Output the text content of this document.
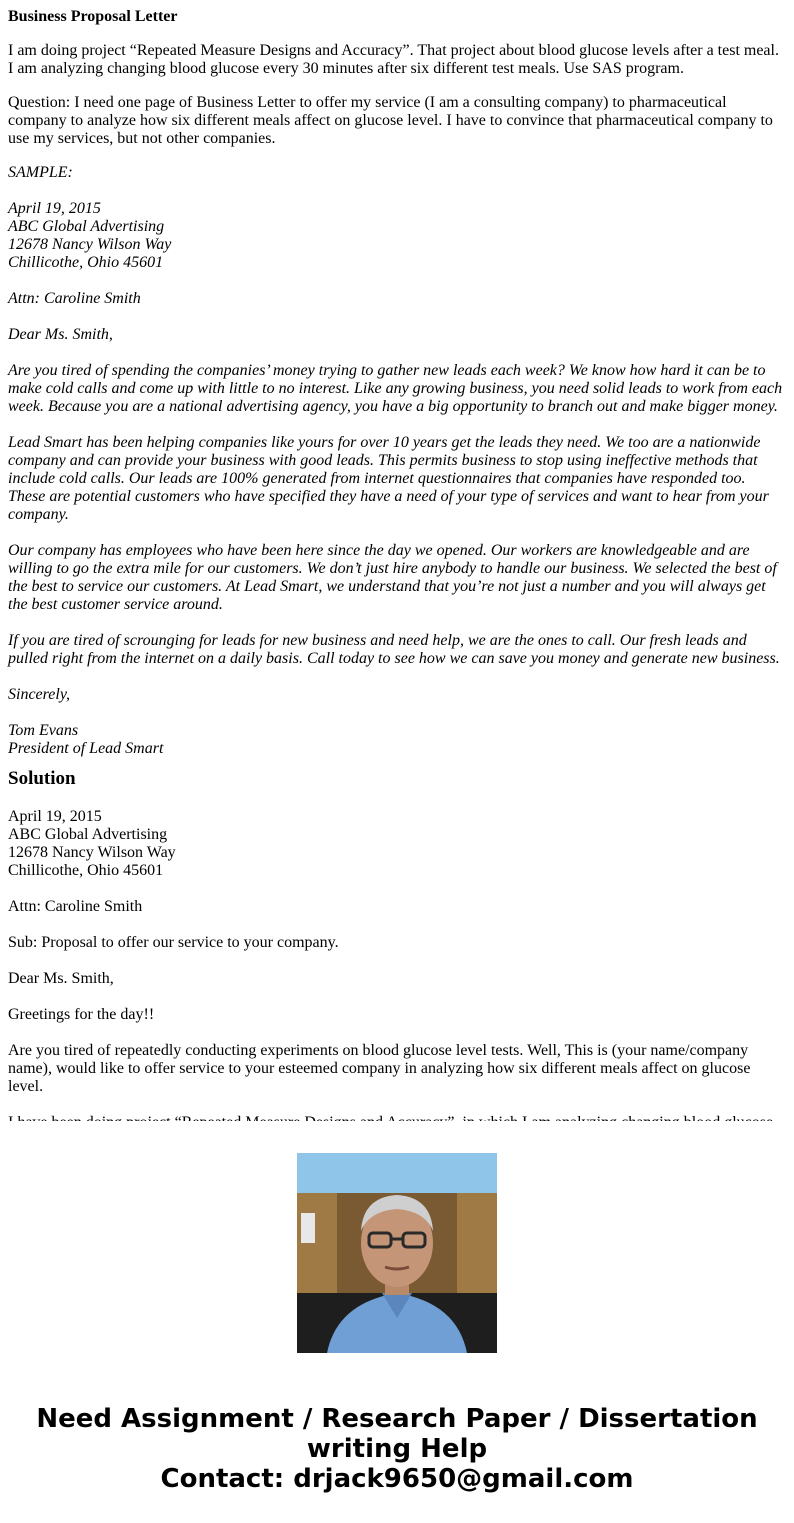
Business Proposal Letter

I am doing project “Repeated Measure Designs and Accuracy”. That project about blood glucose levels after a test meal. I am analyzing changing blood glucose every 30 minutes after six different test meals. Use SAS program.

Question: I need one page of Business Letter to offer my service (I am a consulting company) to pharmaceutical company to analyze how six different meals affect on glucose level. I have to convince that pharmaceutical company to use my services, but not other companies.

SAMPLE:

April 19, 2015
ABC Global Advertising
12678 Nancy Wilson Way
Chillicothe, Ohio 45601

Attn: Caroline Smith

Dear Ms. Smith,

Are you tired of spending the companies’ money trying to gather new leads each week? We know how hard it can be to make cold calls and come up with little to no interest. Like any growing business, you need solid leads to work from each week. Because you are a national advertising agency, you have a big opportunity to branch out and make bigger money.

Lead Smart has been helping companies like yours for over 10 years get the leads they need. We too are a nationwide company and can provide your business with good leads. This permits business to stop using ineffective methods that include cold calls. Our leads are 100% generated from internet questionnaires that companies have responded too. These are potential customers who have specified they have a need of your type of services and want to hear from your company.

Our company has employees who have been here since the day we opened. Our workers are knowledgeable and are willing to go the extra mile for our customers. We don’t just hire anybody to handle our business. We selected the best of the best to service our customers. At Lead Smart, we understand that you’re not just a number and you will always get the best customer service around.

If you are tired of scrounging for leads for new business and need help, we are the ones to call. Our fresh leads and pulled right from the internet on a daily basis. Call today to see how we can save you money and generate new business.

Sincerely,

Tom Evans
President of Lead Smart

Solution

April 19, 2015
ABC Global Advertising
12678 Nancy Wilson Way
Chillicothe, Ohio 45601

Attn: Caroline Smith

Sub: Proposal to offer our service to your company.

Dear Ms. Smith,

Greetings for the day!!

Are you tired of repeatedly conducting experiments on blood glucose level tests. Well, This is (your name/company name), would like to offer service to your esteemed company in analyzing how six different meals affect on glucose level.

Need Assignment / Research Paper / Dissertation
writing Help
Contact: drjack9650@gmail.com
